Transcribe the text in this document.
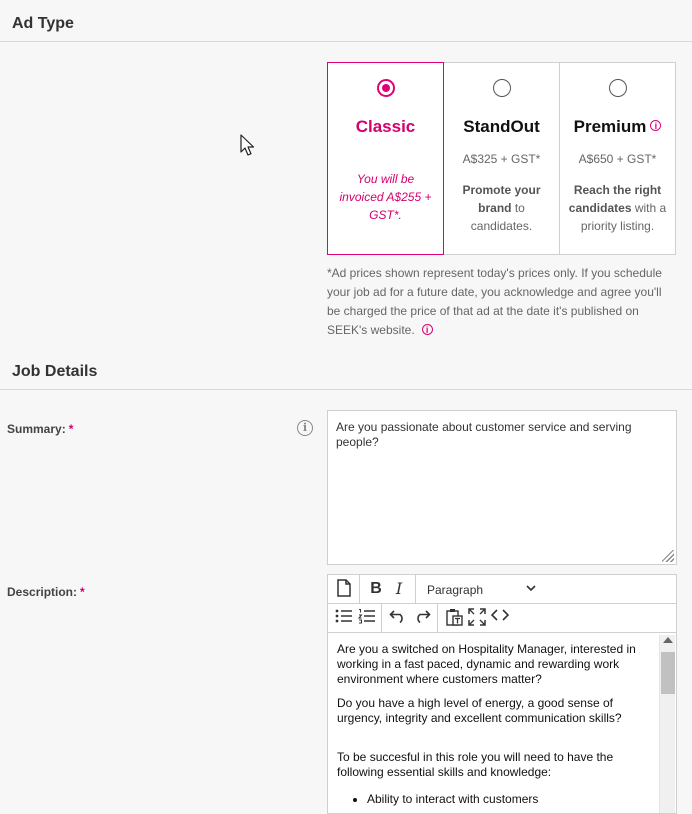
Ad Type
Classic
You will be invoiced A$255 + GST*.
StandOut
A$325 + GST*
Promote your brand to candidates.
Premium i
A$650 + GST*
Reach the right candidates with a priority listing.
*Ad prices shown represent today's prices only. If you schedule your job ad for a future date, you acknowledge and agree you'll be charged the price of that ad at the date it's published on SEEK's website. i
Job Details
Summary: *	i	Are you passionate about customer service and serving people?
Description: *	B I	Paragraph

Are you a switched on Hospitality Manager, interested in working in a fast paced, dynamic and rewarding work environment where customers matter?

Do you have a high level of energy, a good sense of urgency, integrity and excellent communication skills?

To be succesful in this role you will need to have the following essential skills and knowledge:

• Ability to interact with customers
